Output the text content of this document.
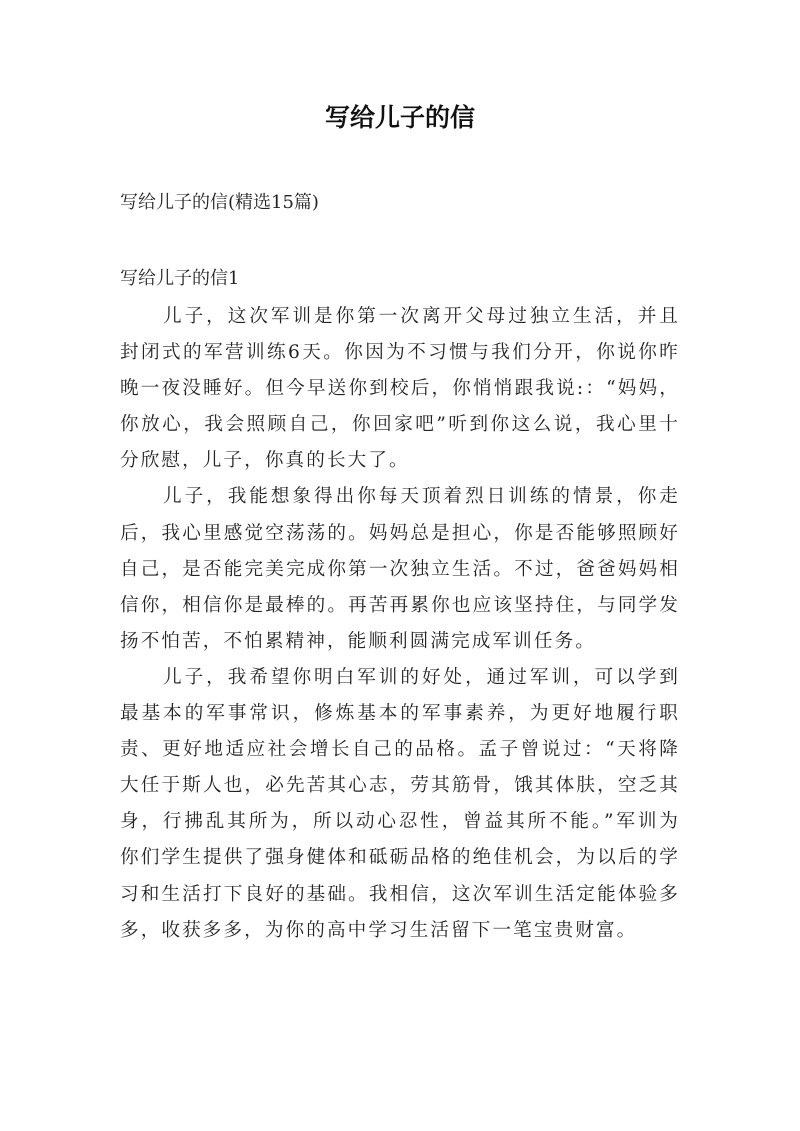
写给儿子的信

写给儿子的信(精选15篇)

写给儿子的信1

儿子，这次军训是你第一次离开父母过独立生活，并且封闭式的军营训练6天。你因为不习惯与我们分开，你说你昨晚一夜没睡好。但今早送你到校后，你悄悄跟我说:：“妈妈，你放心，我会照顾自己，你回家吧”听到你这么说，我心里十分欣慰，儿子，你真的长大了。

儿子，我能想象得出你每天顶着烈日训练的情景，你走后，我心里感觉空荡荡的。妈妈总是担心，你是否能够照顾好自己，是否能完美完成你第一次独立生活。不过，爸爸妈妈相信你，相信你是最棒的。再苦再累你也应该坚持住，与同学发扬不怕苦，不怕累精神，能顺利圆满完成军训任务。

儿子，我希望你明白军训的好处，通过军训，可以学到最基本的军事常识，修炼基本的军事素养，为更好地履行职责、更好地适应社会增长自己的品格。孟子曾说过：“天将降大任于斯人也，必先苦其心志，劳其筋骨，饿其体肤，空乏其身，行拂乱其所为，所以动心忍性，曾益其所不能。”军训为你们学生提供了强身健体和砥砺品格的绝佳机会，为以后的学习和生活打下良好的基础。我相信，这次军训生活定能体验多多，收获多多，为你的高中学习生活留下一笔宝贵财富。
